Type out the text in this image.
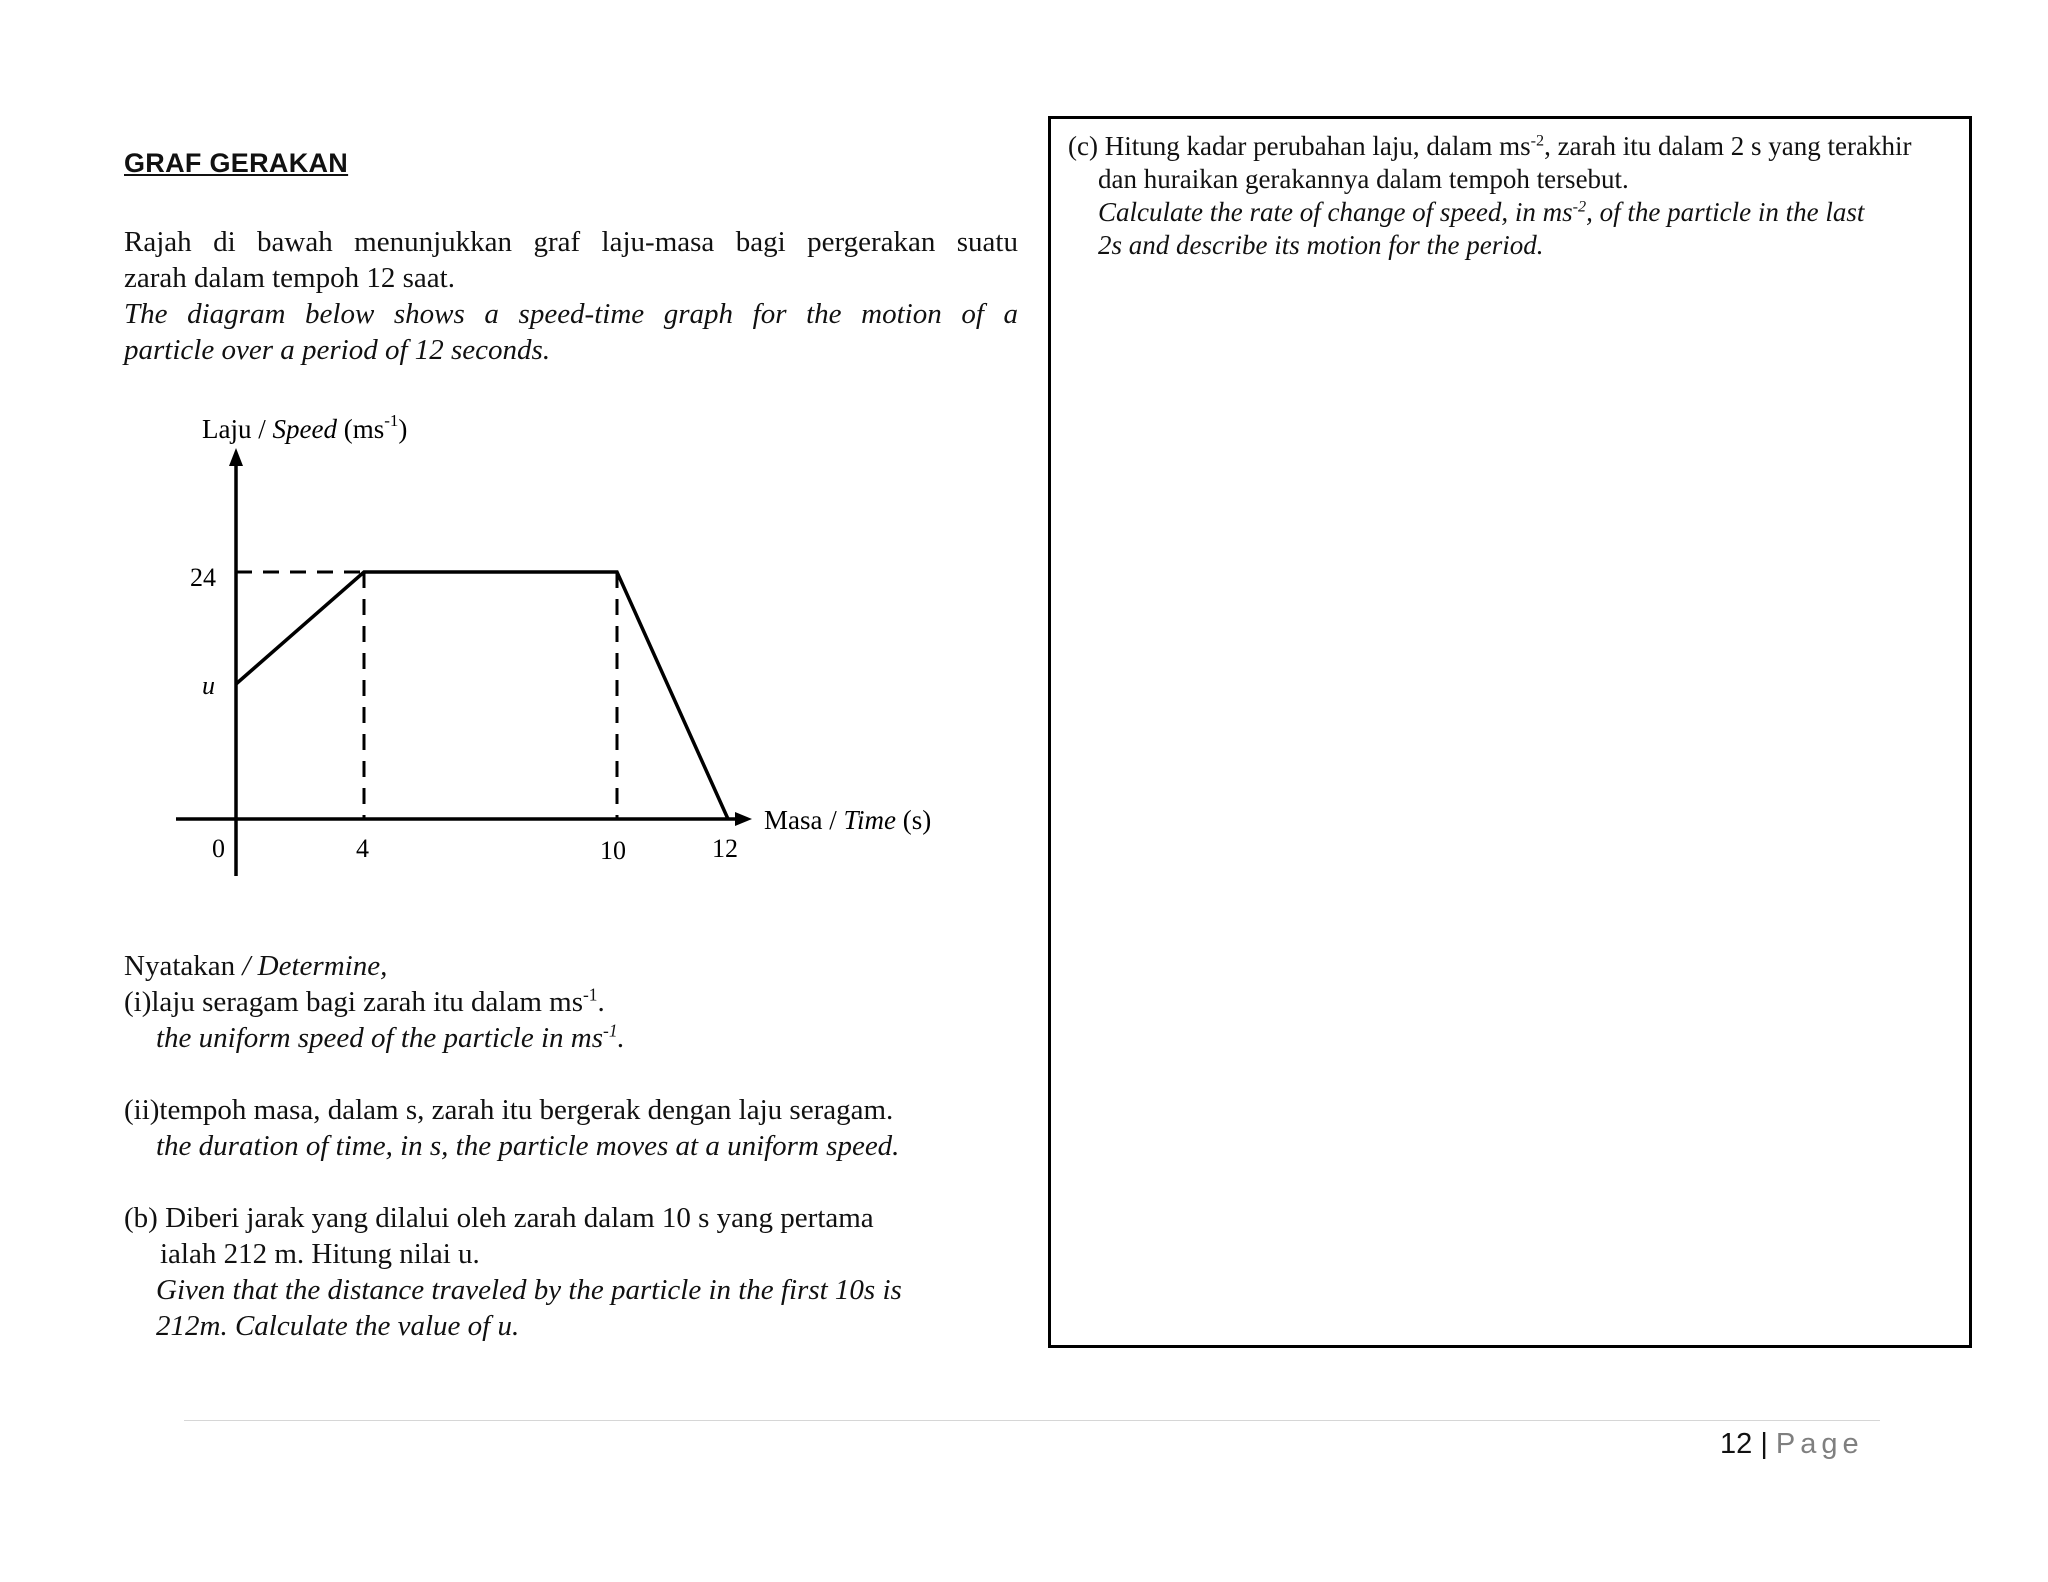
GRAF GERAKAN
Rajah di bawah menunjukkan graf laju-masa bagi pergerakan suatu
zarah dalam tempoh 12 saat.
The diagram below shows a speed-time graph for the motion of a
particle over a period of 12 seconds.
Laju / Speed $(ms^{-1})$
Masa / Time (s)
24
u
0	4	10	12
Nyatakan / Determine,
(i)laju seragam bagi zarah itu dalam $ms^{-1}$.
the uniform speed of the particle in $ms^{-1}$.
(ii)tempoh masa, dalam s, zarah itu bergerak dengan laju seragam.
the duration of time, in s, the particle moves at a uniform speed.
(b) Diberi jarak yang dilalui oleh zarah dalam 10 s yang pertama
ialah 212 m. Hitung nilai u.
Given that the distance traveled by the particle in the first 10s is
212m. Calculate the value of u.
(c) Hitung kadar perubahan laju, dalam $ms^{-2}$, zarah itu dalam 2 s yang terakhir
dan huraikan gerakannya dalam tempoh tersebut.
Calculate the rate of change of speed, in $ms^{-2}$, of the particle in the last
2s and describe its motion for the period.
12 | Page
